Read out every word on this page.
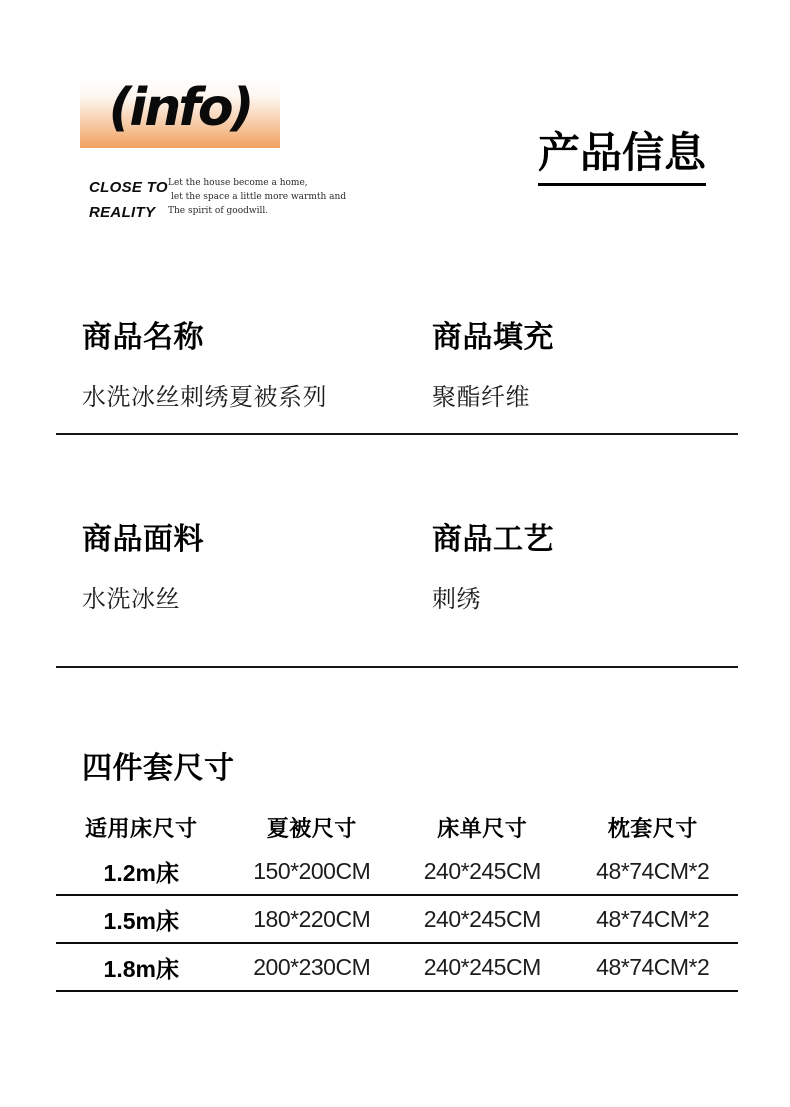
(info)
CLOSE TO
REALITY
Let the house become a home,
let the space a little more warmth and
The spirit of goodwill.
产品信息
商品名称
水洗冰丝刺绣夏被系列
商品填充
聚酯纤维
商品面料
水洗冰丝
商品工艺
刺绣
四件套尺寸
适用床尺寸	夏被尺寸	床单尺寸	枕套尺寸
1.2m床	150*200CM	240*245CM	48*74CM*2
1.5m床	180*220CM	240*245CM	48*74CM*2
1.8m床	200*230CM	240*245CM	48*74CM*2
